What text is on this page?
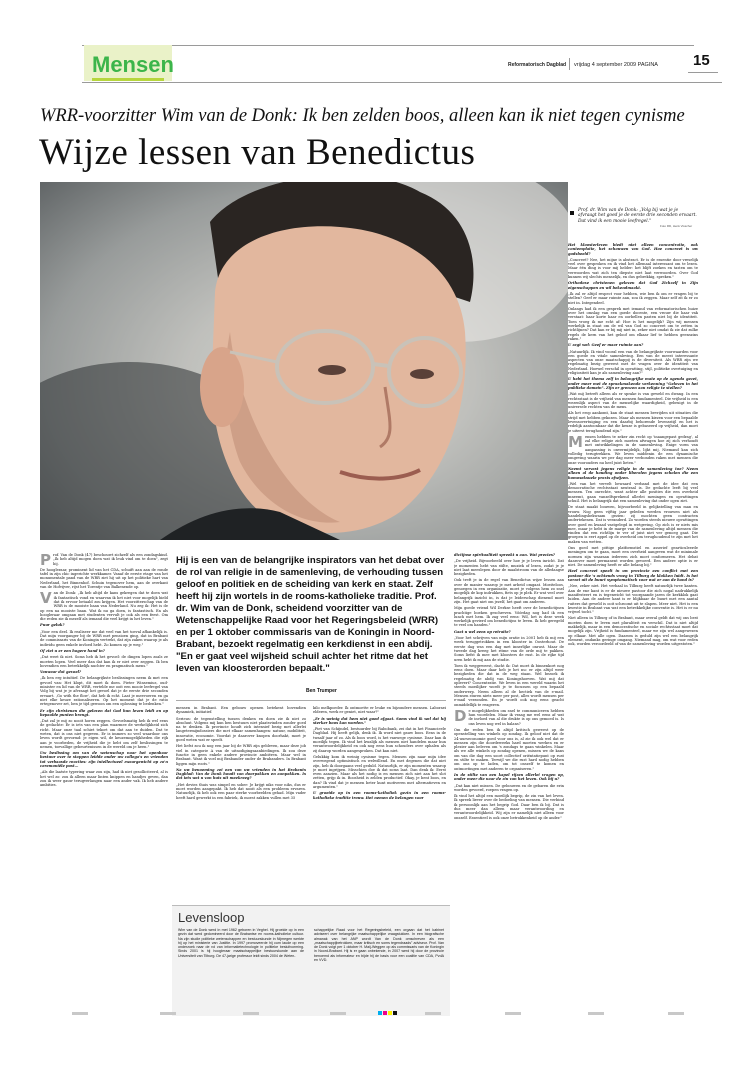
Mensen	Reformatorisch Dagblad vrijdag 4 september 2009 PAGINA 15
WRR-voorzitter Wim van de Donk: Ik ben zelden boos, alleen kan ik niet tegen cynisme
Wijze lessen van Benedictus
Prof. dr. Wim van de Donk: „Volg bij wat je je afvraagt het goed je de eerste drie seconden ervaart. Dat vind ik een mooie leefregel."
Foto RD, Henk Visscher

Het kloosterleven biedt niet alleen concentratie, ook contemplatie, het schouwen van God. Hoe concreet is uw godsbeeld?

„Concreet? Nee, het mijne is abstract. Er is de essentie door vreselijk veel over gesproken en ik vind het allemaal interessant om te lezen. Maar één ding is voor mij helder: het blijft zoeken en tasten om te verwoorden wat zich ten diepste niet laat verwoorden. Over God kunnen wij slechts menselijk, en dus gebrekkig, spreken."

Orthodoxe christenen geloven dat God Zichzelf in Zijn eigenschappen en wil bekendmaakt.

„Ik zal er altijd respect voor hebben, wie ben ik om er vragen bij te stellen? Geef er maar ruimte aan, zou ik zeggen. Maar zelf zit ik er zo niet in. Integendeel.

Onlangs had ik een gesprek met iemand van reformatorischen huize over het omslag van een goede docente, een vrouw die haar vak verstaat: haar korte haar en oorbellen pasten niet bij de identiteit. Toen vroeg ik me echt af: Hoe is het mogelijk? Zijn wij mensen werkelijk in staat om de wil van God zo concreet om te zetten in richtlijnen? Dat kan er bij mij niet in, zeker niet omdat ik zie dat zulke regels de kern van het geloof om elkaar lief te hebben geenszins raken."

U zegt wel: Geef er maar ruimte aan?

„Natuurlijk. Ik vind vooral een van de belangrijkste voorwaarden voor een goede en vitale samenleving. Een van de meest interessante aspecten van onze maatschappij is de diversiteit. Als WRR zijn we regelmatig bezig geweest met de vragen over de identiteit van Nederland. Hoewel verschil in opvatting, stijl, politieke overtuiging en religiositeit kan je als samenleving aan?"

U hebt het thema zelf in belangrijke mate op de agenda gezet, onder meer met de spraakmakende verkenning "Geloven in het publieke domein". Zijn er grenzen aan religie te stellen?

„Wat mij betreft alleen als er sprake is van geweld en dwang. In een rechtsstaat is de vrijheid van mensen fundamenteel. Die vrijheid is een wezenlijk aspect van de menselijke waardigheid, gebruigt in de universele rechten van de mens.

Als het erop aankomt, kan de staat mensen bevrijden uit situaties die strijd met hebben gekozen. Maar als mensen kiezen voor een bepaalde levensovertuiging en een daarbij behorende levensstijl en het is redelijk aantoonbaar dat die keuze is gebaseerd op vrijheid, dan moet je uiterst terughoudend zijn."

Mensen hebben te zeker zin recht op 'inaangepast gedrag', al zal elke religie zich moeten afvragen hoe zij zich verhoudt met ontwikkelingen in de samenleving. Enige vorm van aanpassing is onvermijdelijk, lijkt mij. Niemand kan zich volledig terugtrekken. We leven middenin de een dynamische omgeving waarin we per dag meer verbonden raken met mensen die onze voorouders nu heel juist lieten."

Neemt vervast jegens religie in de samenleving toe? Neem alleen al de houding onder liberalen jegens scholen die een homoseksuele praxis afwijzen.

„Wel van het vervelt bewaard verband met de idee dat een democratische rechtsstaat neutraal is. De gedachte leeft bij veel mensen. Ten onrechte, want achter alle posities die een overheid inneemt, gaan vanzelfsprekend allerlei meningen en opvattingen schuil. Het is belangrijk dat een samenleving dat onder ogen ziet.

De staat maakt bouwen, bijvoorbeeld in gelijkstelling van man en vrouw. Nog geen vijftig jaar geleden werden vrouwen niet als handelingsbekwaam gezien: zij mochten geen contracten ondertekenen. Dat is veranderd. Zo worden steeds nieuwe opvattingen over goed en kwaad vastgelegd in wetgeving. Op zich is er niets mis mee, maar je hebt in de marge van de samenleving altijd mensen die vinden dat een richtlijn te ver of juist niet ver genoeg gaat. Die groepen is eert appel op de overheid om terughoudend te zijn met het maken van wetten.

Ons goed met pittige platformstiel en asserief gearticuleerde meningen om te gaan, moet een overheid aangeven wat de minimale normen zijn waaraan iedereen zich moet conformeren. Het debat daarover moet permanent worden gevoerd. Een andere optie is er niet. De samenleving heeft er alle belang bij."

Heel concreet speelt in uw provincie een conflict met een pastoor die 's ochtends vroeg in Tilburg de klokken luidt. Is het verzet uit de buurt symptomatisch voor wat er aan de hand is?

„Nee, zeker niet. Het verhaal in Tilburg heeft natuurlijk twee kanten. Aan de ene kant is er de nieuwe pastoor die zich nogal nadrukkelijk manifesteert en is tegenwicht tot voorgaande jaren de kerkklok gaat luiden. Aan de andere kant is er blijkbaar de buurt met een aantal ruiters dat geweld is ooit schroomt uit te slapen. Meer niet. Het is een kwestie in Brabant van wat een betrekkelijke conventie is. Het is er nu vrijwel tocht."

Niet alleen in Tilburg of in Brabant, maar overal geldt dat wij ons best moeten doen te leven met pluraliteit en verschil. Dat is niet altijd makkelijk, maar in een democratische en sociale rechtsstaat moet dat mogelijk zijn. Vrijheid is fundamenteel, maar we zijn wel aangewezen op elkaar. Met alle ogen. Daarom is geduld zijn wel een belangrijk element, ondanks geringe omgang. Niemand mag, om wat voor reden ook, worden veroordeeld of van de samenleving worden uitgestoten."

Prof. Van de Donk (47) beschouwt zichzelf als een zondagskind. „Ik heb altijd mogen doen wat ik leuk vind om te doen", zegt hij.

De hoogleraar, prominent lid van het CDA, schuift aan aan de ronde tafel in zijn chic ingerichte werkkamer. Vanaf de eerste etage van het monumentale pand van de WRR ziet hij uit op het politieke hart van Nederland, het Binnenhof. Schuin tegenover hem, aan de overkant van de Hofvijver, rijst het Torentje van Balkenende op.

Van de Donk: „Ik heb altijd de kans gekregen dat te doen wat ik fantastisch vond en waarvan ik het niet voor mogelijk hield dat ik ervoor betaald zou krijgen. Het voorzitterschap van de WRR is de mooiste baan van Nederland. Nu zeg ik: Het is de op een na mooiste baan. Wat ik nu ga doen, is fantastisch. En als hoogleraar omgaan met studenten vervult je ook als een feest. Om die reden zie ik mezelf als iemand die veel krijgt in het leven."

Puur geluk?

„Voor een deel. Ik realiseer me dat veel van het toeval afhankelijk is. Dat mijn voorganger bij de WRR met pensioen ging, dat in Brabant de commissaris van de Koningin vertrekt, dat zijn zaken waarop je als individu geen enkele invloed hebt. Zo komen op je weg."

Of ziet u er een hogere hand in?

„Dat weet ik niet. Soms heb ik het gevoel: de dingen lopen zoals ze moeten lopen. Veel meer dan dat kan ik er niet over zeggen. Ik ben bovendien een betrekkelijk nuchter en pragmatisch mens."

Vanwaar dat gevoel?

„Ik ben erg intuïtief. De belangrijkste beslissingen neem ik met een gevoel van: Het klopt, dit moet ik doen. Pieter Winsemius, oud-minister en lid van de WRR, vertelde me ooit een mooie leefregel van Volg bij wat je je afvraagt het gevoel dat je de eerste drie seconden ervaart. ,Go with the flow', dat heb ik echt. Laat je meevoeren en ga niet elke keuze rationaliseren. Op het moment dat je de ratio ertegenover zet, ben je tijd gewoon om een oplossing te bedenken."

Er zijn christenen die geloven dat God hun leven leidt en op bepaalde punten brengt.

„Dat zal je mij zo nooit horen zeggen. Gevoelsmatig heb ik wel eens de gedachte: Er is iets van een plan waarmee de werkelijkheid zich richt. Maar onze taal schiet tekort om dat aan te duiden. Dat te weten, dat is ons niet gegeven. Er is immers zo veel waardoor ons leven wordt gevormd: je eigen wil, de keuzemogelijkheden die rijk aan je voorbeden, de vrijheid die je hebt om zelf beslissingen te nemen, toevallige gebeurtenissen in de wereld om je heen."

Uw beslissing om van de wetenschap naar het openbaar bestuur over te stappen leidde onder uw collega's en vrienden tot verbaasde reacties: zijn intellectueel zwaargewicht op zo'n ceremoniële post...

„Als die laatste typering waar zou zijn, had ik niet gesolliciteerd, al is het wel zo: zou ik alleen maar linten knippen en handjes geven, dan zou ik weer gauw terugverlangen naar een ander vak. Ik heb andere ambities.

Hij is een van de belangrijke inspirators van het debat over de rol van religie in de samenleving, de verhouding tussen geloof en politiek en de scheiding van kerk en staat. Zelf heeft hij zijn wortels in de rooms-katholieke traditie. Prof. dr. Wim van de Donk, scheidend voorzitter van de Wetenschappelijke Raad voor het Regeringsbeleid (WRR) en per 1 oktober commissaris van de Koningin in Noord-Brabant, bezoekt regelmatig een kerkdienst in een abdij. "En er gaat veel wijsheid schuil achter het ritme dat het leven van kloosterorden bepaalt."
Ben Trumper

mensen in Brabant. Een gebouw openen betekent bovendien dynamiek, initiatief.

Serieus: de tegenstelling tussen denken en doen zie ik niet zo absoluut. Volgens mij kun ben bestuurs niet plaatsvinden zonder goed na te denken. Ik provincie houdt zich intensief bezig met allerlei langetermijndossiers die met elkaar samenhangen: natuur, mobiliteit, innovatie, economie. Voordat je daarover knopen doorhakt, moet je goed weten wat er speelt.

Het liefst zou ik nog een jaar bij de WRR zijn gebleven, maar deze job viel in categorie A van de uitnodigingsaanbiedingen. Ik zou deze functie in geen enkele andere provincie ambiëren. Maar wel in Brabant. Want ik voel mij Brabander onder de Brabanders. In Brabant liggen mijn roots."

Na uw benoeming zei een van uw vrienden in het Brabants Dagblad: Van de Donk houdt van doorpakken en aanpakken. Is dat iets wat u van huis uit meekreeg?

„Het devies thuis was simpel en sober: Je krijgt niks voor niks, dus er moet worden aangepakt. Ik heb dat nooit als een probleem ervaren. Natuurlijk, ik heb ook een paar sterke voorbeelden gehad. Mijn vader heeft hard gewerkt in een fabriek, ik moest zakken vullen met 35

kilo melkpoeder. Ik ontmoette er leuke en bijzondere mensen. Laboraei elderen, werk er geniet, niet waar?"

„Er is weinig dat hem niet goed afgaat. Soms vind ik wel dat hij sterker boos kan worden."

„Piet van Schijndel, bestuurder bij Rabobank, zei dat in het Financieele Dagblad. Hij heeft gelijk, denk ik. Ik word niet gauw boos. Eens in de twaalf jaar of zo. Als ik boos word, is het vanwege cynisme. Daar kan ik moeilijk tegen. Ik vind het kwalijk als mensen niet handelen maar hun verantwoordelijkheid en ook nog eens hun schouders over ophalen als zij daarop worden aangesproken. Dat kan niet.

Gelukkig kom ik weinig cynisme tegen. Mensen zijn naar mijn idee overwegend optimistisch en welwillend. En met degenen die dat niet zijn, heb ik doorgaans veel geduld. Natuurlijk, er zijn momenten waarop je moet ingrijpen. Misschien doe ik dat soms laat. Dan denk ik: Eerst even aanzien. Maar als het nodig is en mensen zich niet aan het slot zetten, grijp ik in. Boosheid is zelden productief. Okay, je bent boos, en dan? Ik vind dat je mensen beter kunt motiveren met alternatieven en argumenten."

U groeide op in een rooms-katholiek gezin in een rooms-katholieke traditie trouw. Het nemen de belangen voor

dictijnse spiritualiteit spreekt u aan. Wat precies?

„De vrijheid. Bijvoorbeeld over hoe je je leven inricht. Dat je momenten hebt van stilte, muziek of lezen, zodat je je niet laat meeslepen door de maalstroom van de alledaagse bezigheden.

Ook treft je in de regel van Benedictus wijze lessen aan over de manier waarop je met arbeid omgaat. Moeiteloos, genoegen in een organisatie, moet je volgens hem zo snel mogelijk de kop indrukken, fiets op je plek. Er wat veel over belangrijk inzicht in, is dat je leiderschap dienend moet zijn. Het gaat niet om jezelf, het gaat om anderen.

Mijn goede vriend Wil Derkse heeft over de benedictijnen prachtige boeken geschreven. Vóórdag nog had ik een lunch met hem. Ik zag veel eens: Wil, het is deze week werkelijk gevierd om benedictijns te leven. Ik heb geregeld te veel om handen."

Gaat u wel eens op retraite?

„Voor het schrijven van mijn oratie in 2001 heb ik mij een week teruggetrokken in een klooster in Oosterhout. De eerste dag was een dag met innerlijke onrust. Maar de tweede dag kreeg het ritme van de orde mij te pakken. Soms liefst ik mee met kloosters de rust. In de rijke tijd uren hebt ik mij aan de studie.

Toen ik weggeweest, dacht ik: Dat moet ik binnenkort nog eens doen. Maar daar heb je het nu: er zijn altijd weer bezigheden die dat in de weg staan. Wel bezoek ik regelmatig de abdij van Koningshoeven. Wat mij dat oplevert? Concentratie. We leven in een wereld waarin het steeds moeilijker wordt je te focussen op een bepaald onderwerp. Neem alleen al de hectiek van de e-mail. Mensen sturen niets meer per post, alles wordt mensen per e-mail verzonden. En je wordt ook nog eens geacht onmiddellijk te reageren.

De mogelijkheden om snel te communiceren hebben hun voordelen. Maar ik vraag me wel eens af wat de invloed van al die drukte is op ons gemoed is. Is ons leven nog wel in balans?

Om die reden ben ik altijd kritisch geweest op de openstelling van winkels op zondag. Ik geloof niet dat de 24-uurseconomie goed voor ons is, al zie ik ook wel dat er mensen zijn die doordeweeks hard moeten werken en er plezier aan beleven om 's zondags te gaan winkelen. Maar als we alle winkels op zondag openen, missen we de kans om van die dag een soort collectief oriëntatiepunt op rust en stilte te maken. Terwijl we die rust hard nodig hebben om ons op te laden, om tot onszelf te komen en ontmoetingen met anderen te organiseren."

In de stilte van een kapel rijzen allerlei vragen op, onder meer die naar de zin van het leven. Ook bij u?

„Dat kan niet missen. De gebouwen en de gebaren die erin worden gevoerd, roepen vragen op.

Ik vind het altijd een moeilijk begrip, de zin van het leven. Ik spreek liever over de bedoeling van mensen. Die verbind ik persoonlijk aan het begrip God. Daar ben ik bij. Dat is dus meer dan alleen maar verantwoording en verantwoordelijkheid. Wij zijn er namelijk niet alleen voor onszelf. Essentieel is ook onze betrokkenheid op de ander."

Levensloop
Wim van de Donk werd in met 1962 geboren in Veghel. Hij groeide op in een gezin dat werd gedomineerd door de Brabantse en rooms-katholieke cultuur. Na zijn studie politieke wetenschappen en bestuurskunde in Nijmegen werkte hij op het ministerie van Justitie. In 1997 promoveerde hij cum laude op een onderzoek naar de rol van informatietechnologie in politieke besluitvorming. Sinds 2001 is hij hoogleraar maatschappelijke bestuurskunde aan de Universiteit van Tilburg. De 47-jarige professor leidt sinds 2004 de Weten-
schappelijke Raad voor het Regeringsbeleid, een orgaan dat het kabinet adviseert over belangrijke maatschappelijke vraagstukken. In een biografische almanak van het ANP wordt Van de Donk omschreven als een „maatschappijbetrokken, maar kritisch en soms tegendraads" adviseur. Prof. Van de Donk volgt per 1 oktober H. Maij-Weggen op als commissaris van de Koningin in Noord-Brabant. Hij is er gaan onbekende, in 2007 werd hij door de provincie benoemd als informateur en bijde hij de basis voor een coalitie van CDA, PvdA en VVD.
